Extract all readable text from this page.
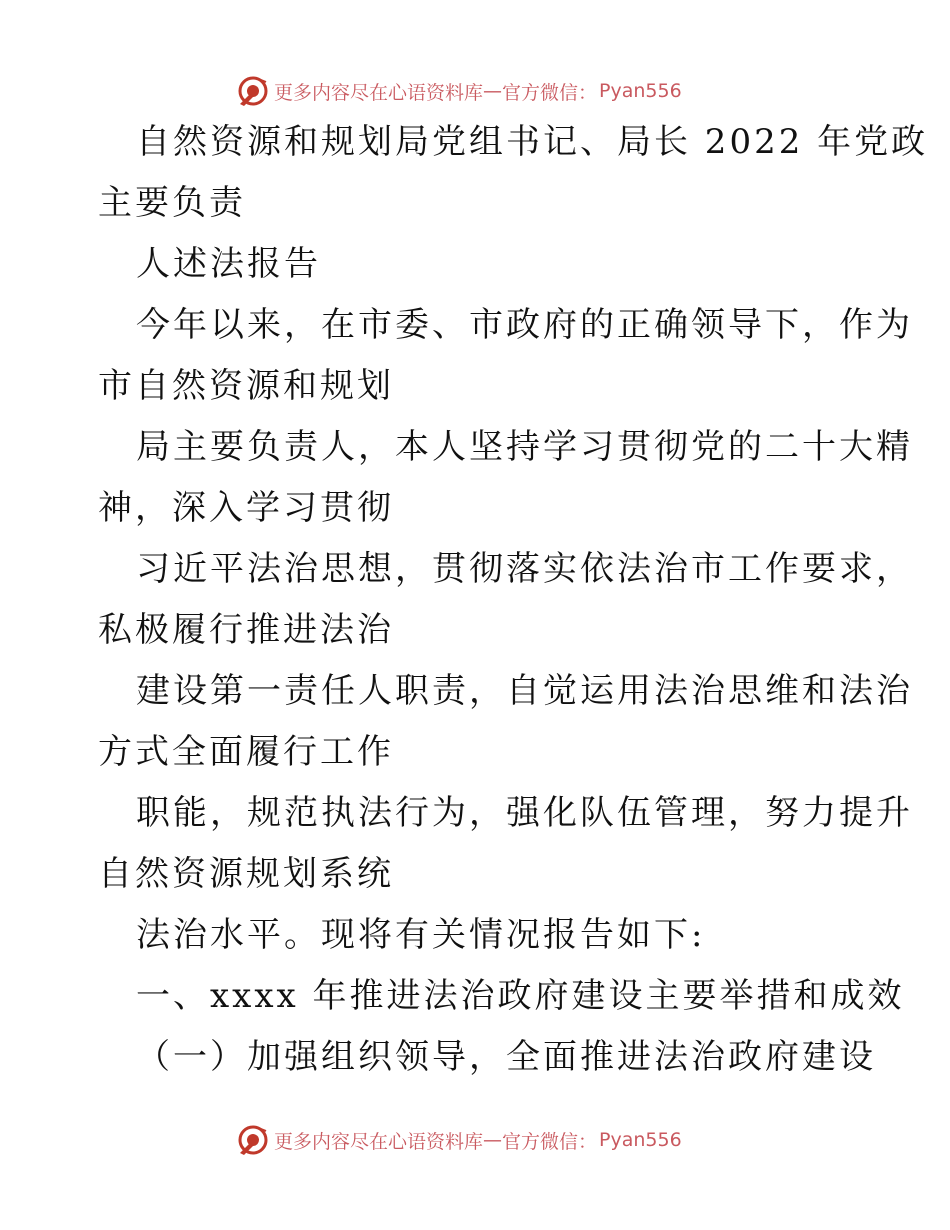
更多内容尽在心语资料库 — 官方微信： Pyan556
自然资源和规划局党组书记、局长 2022 年党政
主要负责
人述法报告
今年以来，在市委、市政府的正确领导下，作为
市自然资源和规划
局主要负责人，本人坚持学习贯彻党的二十大精
神，深入学习贯彻
习近平法治思想，贯彻落实依法治市工作要求，
私极履行推进法治
建设第一责任人职责，自觉运用法治思维和法治
方式全面履行工作
职能，规范执法行为，强化队伍管理，努力提升
自然资源规划系统
法治水平。现将有关情况报告如下:
一、xxxx 年推进法治政府建设主要举措和成效
（一）加强组织领导，全面推进法治政府建设
更多内容尽在心语资料库 — 官方微信： Pyan556
